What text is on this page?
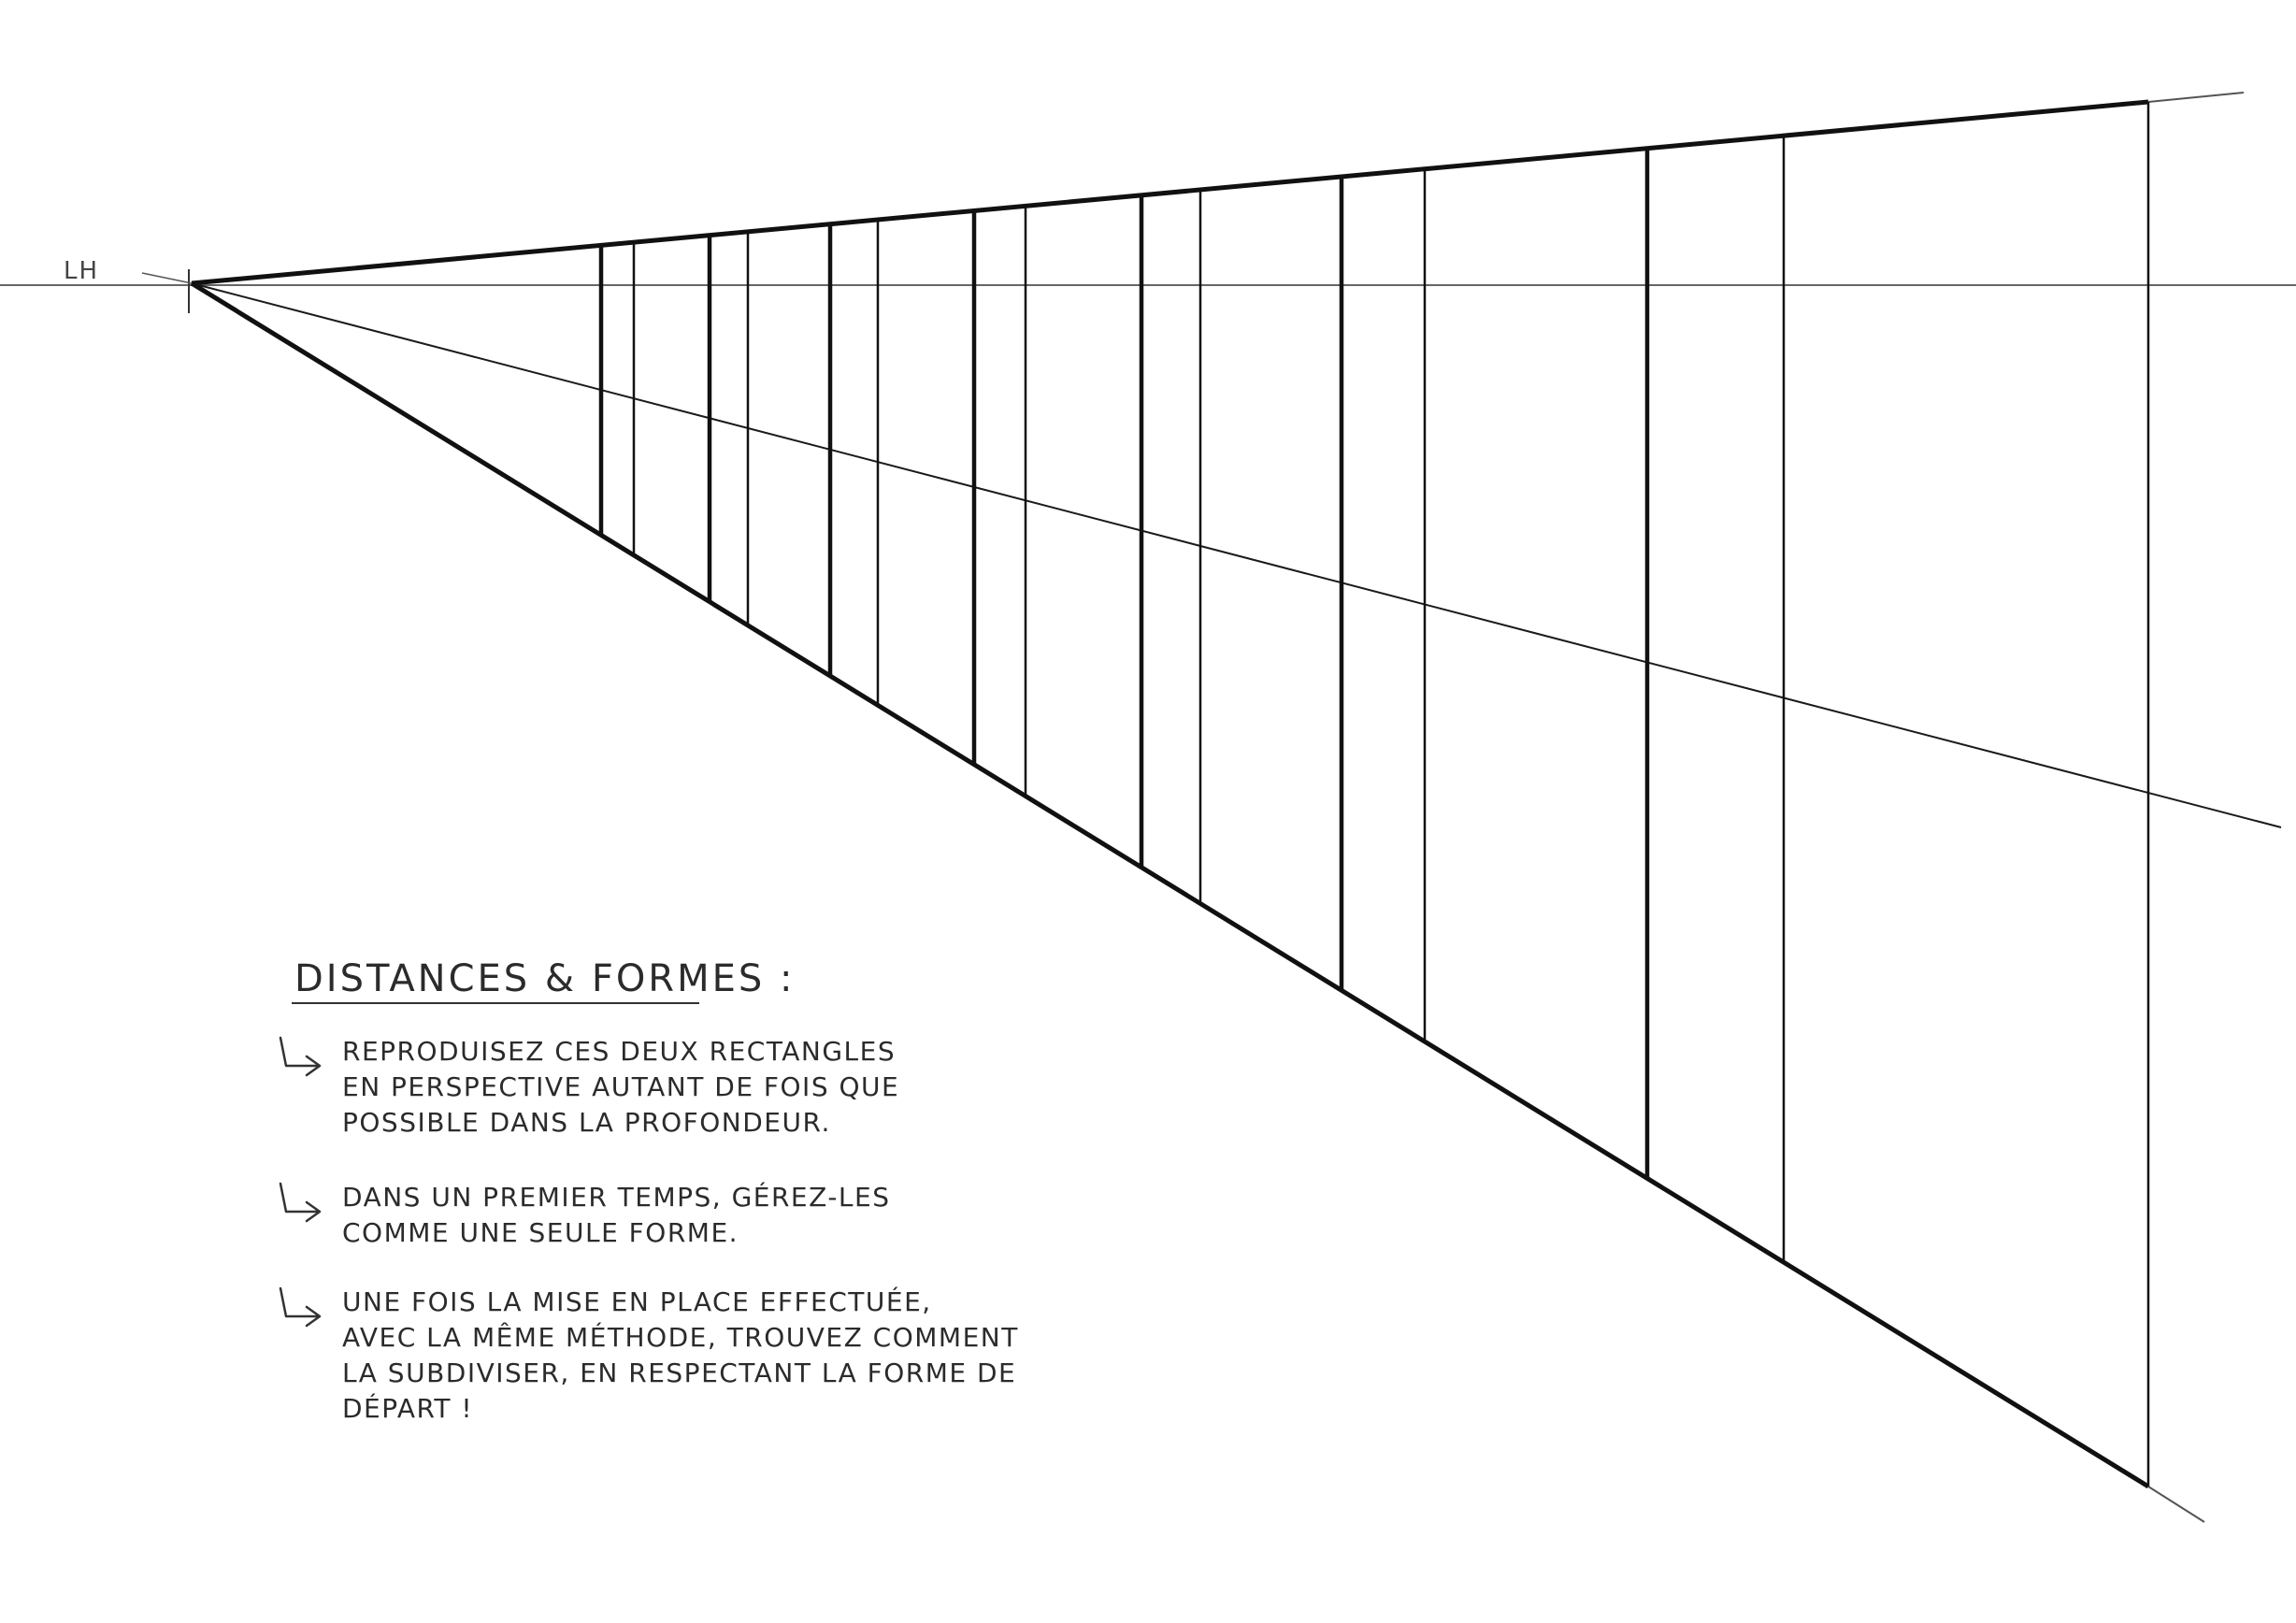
LH
DISTANCES & FORMES :
REPRODUISEZ CES DEUX RECTANGLES
EN PERSPECTIVE AUTANT DE FOIS QUE
POSSIBLE DANS LA PROFONDEUR.
DANS UN PREMIER TEMPS, GÉREZ-LES
COMME UNE SEULE FORME.
UNE FOIS LA MISE EN PLACE EFFECTUÉE,
AVEC LA MÊME MÉTHODE, TROUVEZ COMMENT
LA SUBDIVISER, EN RESPECTANT LA FORME DE
DÉPART !
